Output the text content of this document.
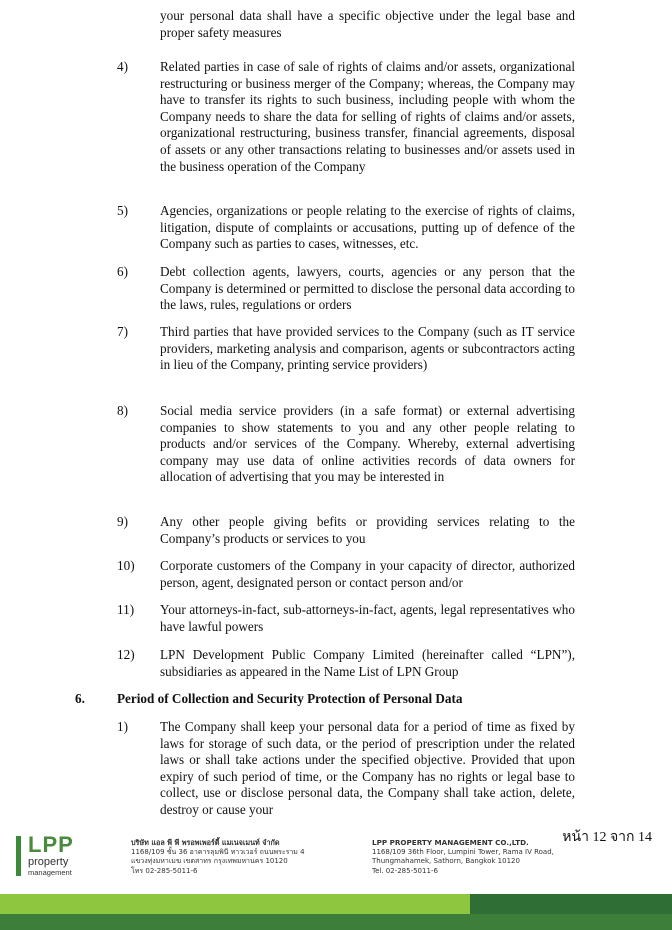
your personal data shall have a specific objective under the legal base and proper safety measures

4) Related parties in case of sale of rights of claims and/or assets, organizational restructuring or business merger of the Company; whereas, the Company may have to transfer its rights to such business, including people with whom the Company needs to share the data for selling of rights of claims and/or assets, organizational restructuring, business transfer, financial agreements, disposal of assets or any other transactions relating to businesses and/or assets used in the business operation of the Company

5) Agencies, organizations or people relating to the exercise of rights of claims, litigation, dispute of complaints or accusations, putting up of defence of the Company such as parties to cases, witnesses, etc.

6) Debt collection agents, lawyers, courts, agencies or any person that the Company is determined or permitted to disclose the personal data according to the laws, rules, regulations or orders

7) Third parties that have provided services to the Company (such as IT service providers, marketing analysis and comparison, agents or subcontractors acting in lieu of the Company, printing service providers)

8) Social media service providers (in a safe format) or external advertising companies to show statements to you and any other people relating to products and/or services of the Company. Whereby, external advertising company may use data of online activities records of data owners for allocation of advertising that you may be interested in

9) Any other people giving befits or providing services relating to the Company’s products or services to you

10) Corporate customers of the Company in your capacity of director, authorized person, agent, designated person or contact person and/or

11) Your attorneys-in-fact, sub-attorneys-in-fact, agents, legal representatives who have lawful powers

12) LPN Development Public Company Limited (hereinafter called “LPN”), subsidiaries as appeared in the Name List of LPN Group

6. Period of Collection and Security Protection of Personal Data
1) The Company shall keep your personal data for a period of time as fixed by laws for storage of such data, or the period of prescription under the related laws or shall take actions under the specified objective. Provided that upon expiry of such period of time, or the Company has no rights or legal base to collect, use or disclose personal data, the Company shall take action, delete, destroy or cause your

LPP
property
management
บริษัท แอล พี พี พรอพเพอร์ตี้ แมเนจเมนท์ จำกัด
1168/109 ชั้น 36 อาคารลุมพินี ทาวเวอร์ ถนนพระราม 4
แขวงทุ่งมหาเมฆ เขตสาทร กรุงเทพมหานคร 10120
โทร 02-285-5011-6
LPP PROPERTY MANAGEMENT CO.,LTD.
1168/109 36th Floor, Lumpini Tower, Rama IV Road,
Thungmahamek, Sathorn, Bangkok 10120
Tel. 02-285-5011-6
หน้า 12 จาก 14
